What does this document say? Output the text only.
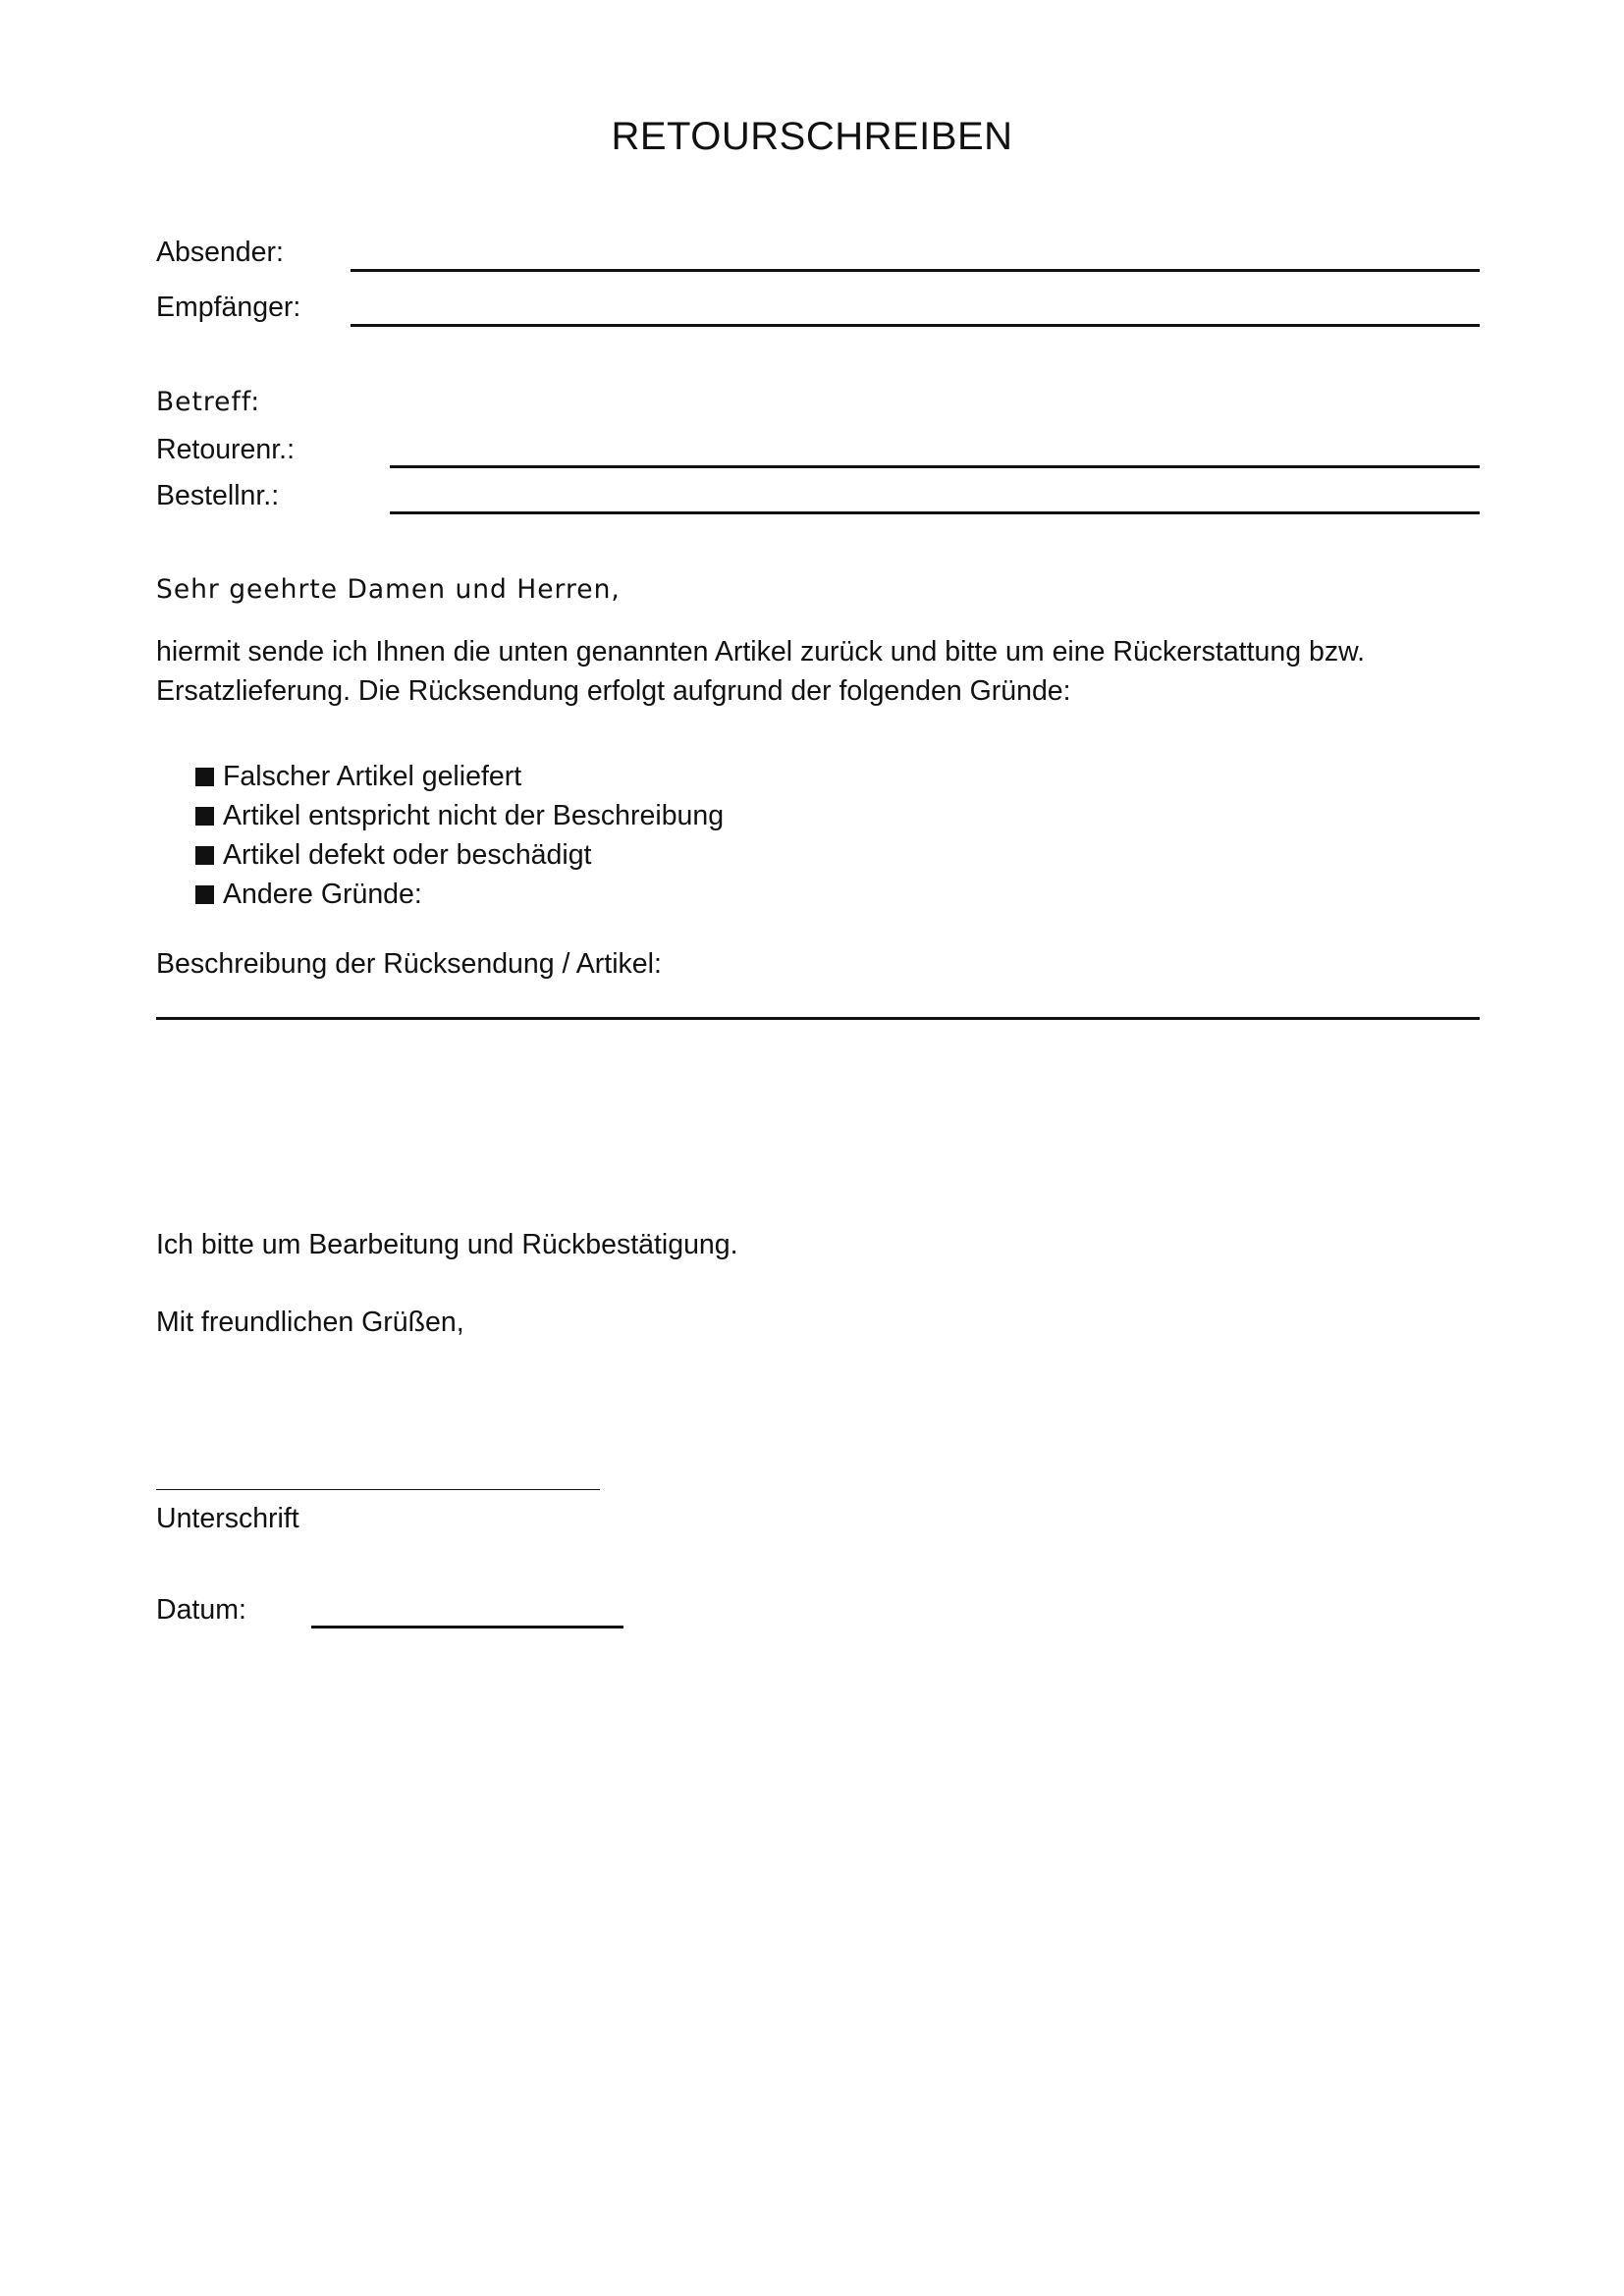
RETOURSCHREIBEN
Absender:
Empfänger:
Betreff:
Retourenr.:
Bestellnr.:
Sehr geehrte Damen und Herren,
hiermit sende ich Ihnen die unten genannten Artikel zurück und bitte um eine Rückerstattung bzw.
Ersatzlieferung. Die Rücksendung erfolgt aufgrund der folgenden Gründe:
Falscher Artikel geliefert
Artikel entspricht nicht der Beschreibung
Artikel defekt oder beschädigt
Andere Gründe:
Beschreibung der Rücksendung / Artikel:
Ich bitte um Bearbeitung und Rückbestätigung.
Mit freundlichen Grüßen,
Unterschrift
Datum:
